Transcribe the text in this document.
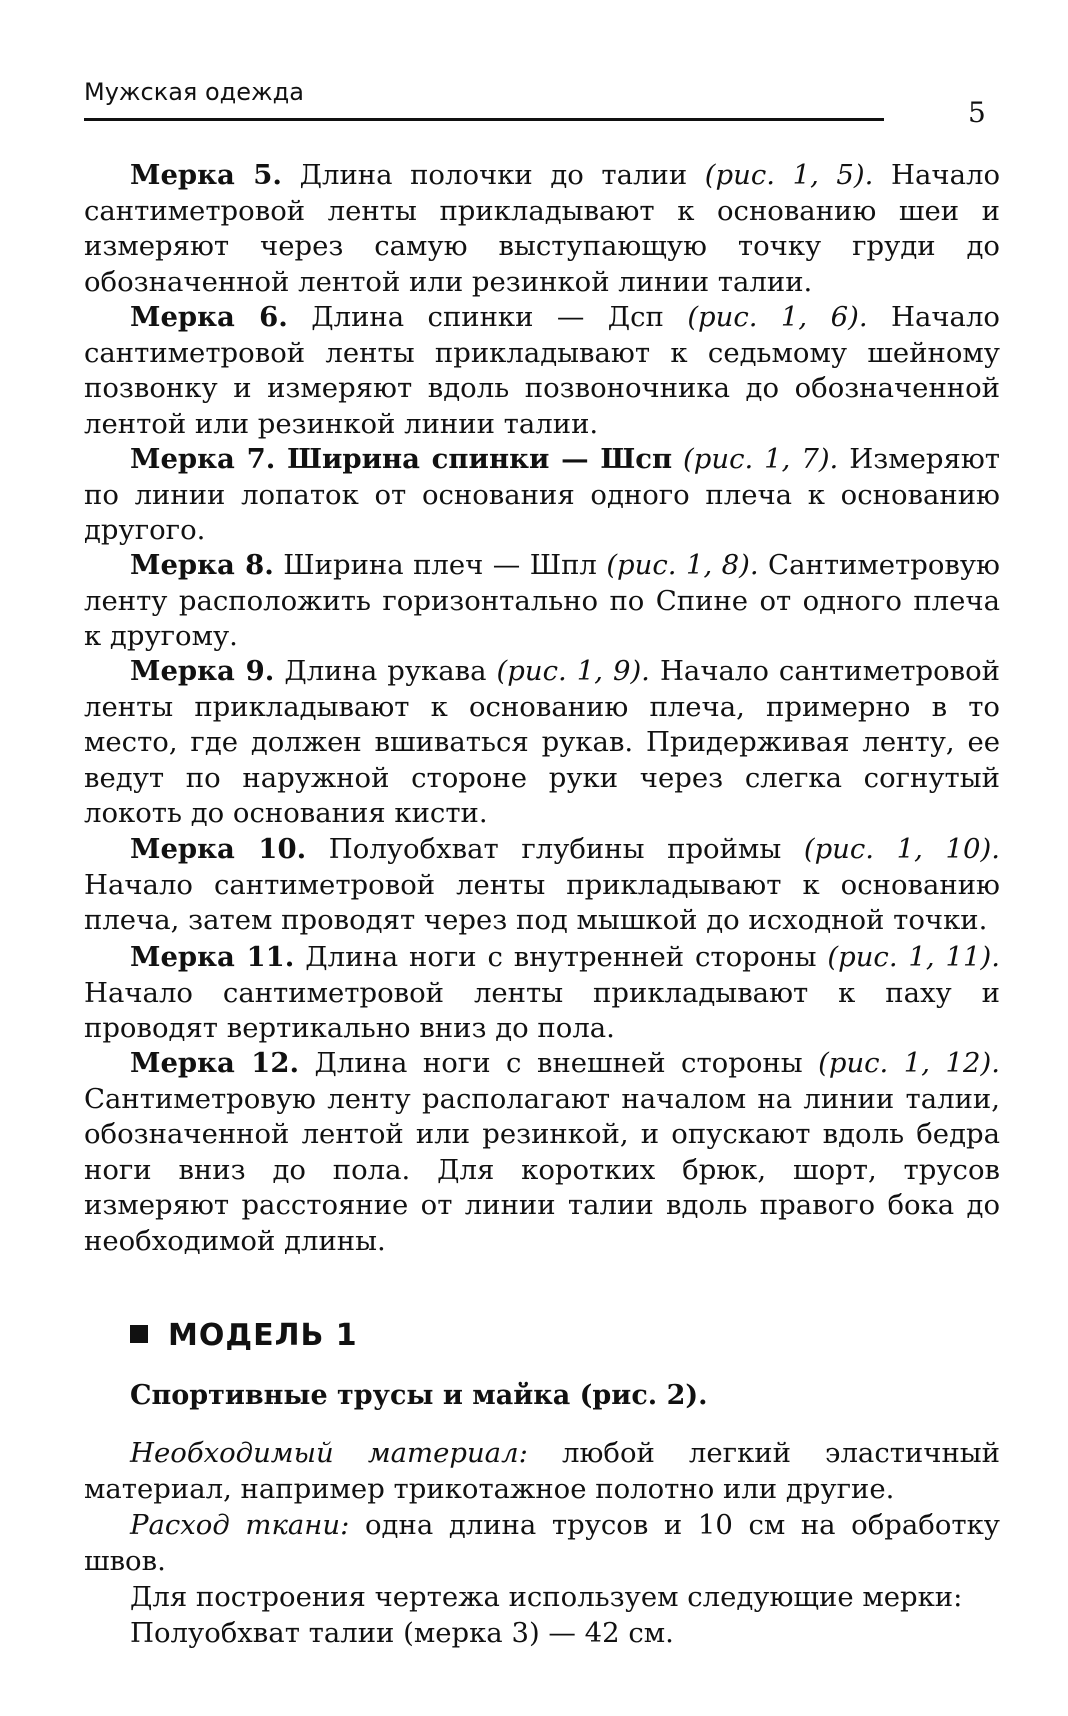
Мужская одежда
5

Мерка 5. Длина полочки до талии (рис. 1, 5). Начало сантиметровой ленты прикладывают к основанию шеи и измеряют через самую выступающую точку груди до обозначенной лентой или резинкой линии талии.

Мерка 6. Длина спинки — Дсп (рис. 1, 6). Начало сантиметровой ленты прикладывают к седьмому шейному позвонку и измеряют вдоль позвоночника до обозначенной лентой или резинкой линии талии.

Мерка 7. Ширина спинки — Шсп (рис. 1, 7). Измеряют по линии лопаток от основания одного плеча к основанию другого.

Мерка 8. Ширина плеч — Шпл (рис. 1, 8). Сантиметровую ленту расположить горизонтально по Спине от одного плеча к другому.

Мерка 9. Длина рукава (рис. 1, 9). Начало сантиметровой ленты прикладывают к основанию плеча, примерно в то место, где должен вшиваться рукав. Придерживая ленту, ее ведут по наружной стороне руки через слегка согнутый локоть до основания кисти.

Мерка 10. Полуобхват глубины проймы (рис. 1, 10). Начало сантиметровой ленты прикладывают к основанию плеча, затем проводят через под мышкой до исходной точки.

Мерка 11. Длина ноги с внутренней стороны (рис. 1, 11). Начало сантиметровой ленты прикладывают к паху и проводят вертикально вниз до пола.

Мерка 12. Длина ноги с внешней стороны (рис. 1, 12). Сантиметровую ленту располагают началом на линии талии, обозначенной лентой или резинкой, и опускают вдоль бедра ноги вниз до пола. Для коротких брюк, шорт, трусов измеряют расстояние от линии талии вдоль правого бока до необходимой длины.

МОДЕЛЬ 1
Спортивные трусы и майка (рис. 2).

Необходимый материал: любой легкий эластичный материал, например трикотажное полотно или другие.

Расход ткани: одна длина трусов и 10 см на обработку швов.

Для построения чертежа используем следующие мерки:

Полуобхват талии (мерка 3) — 42 см.
